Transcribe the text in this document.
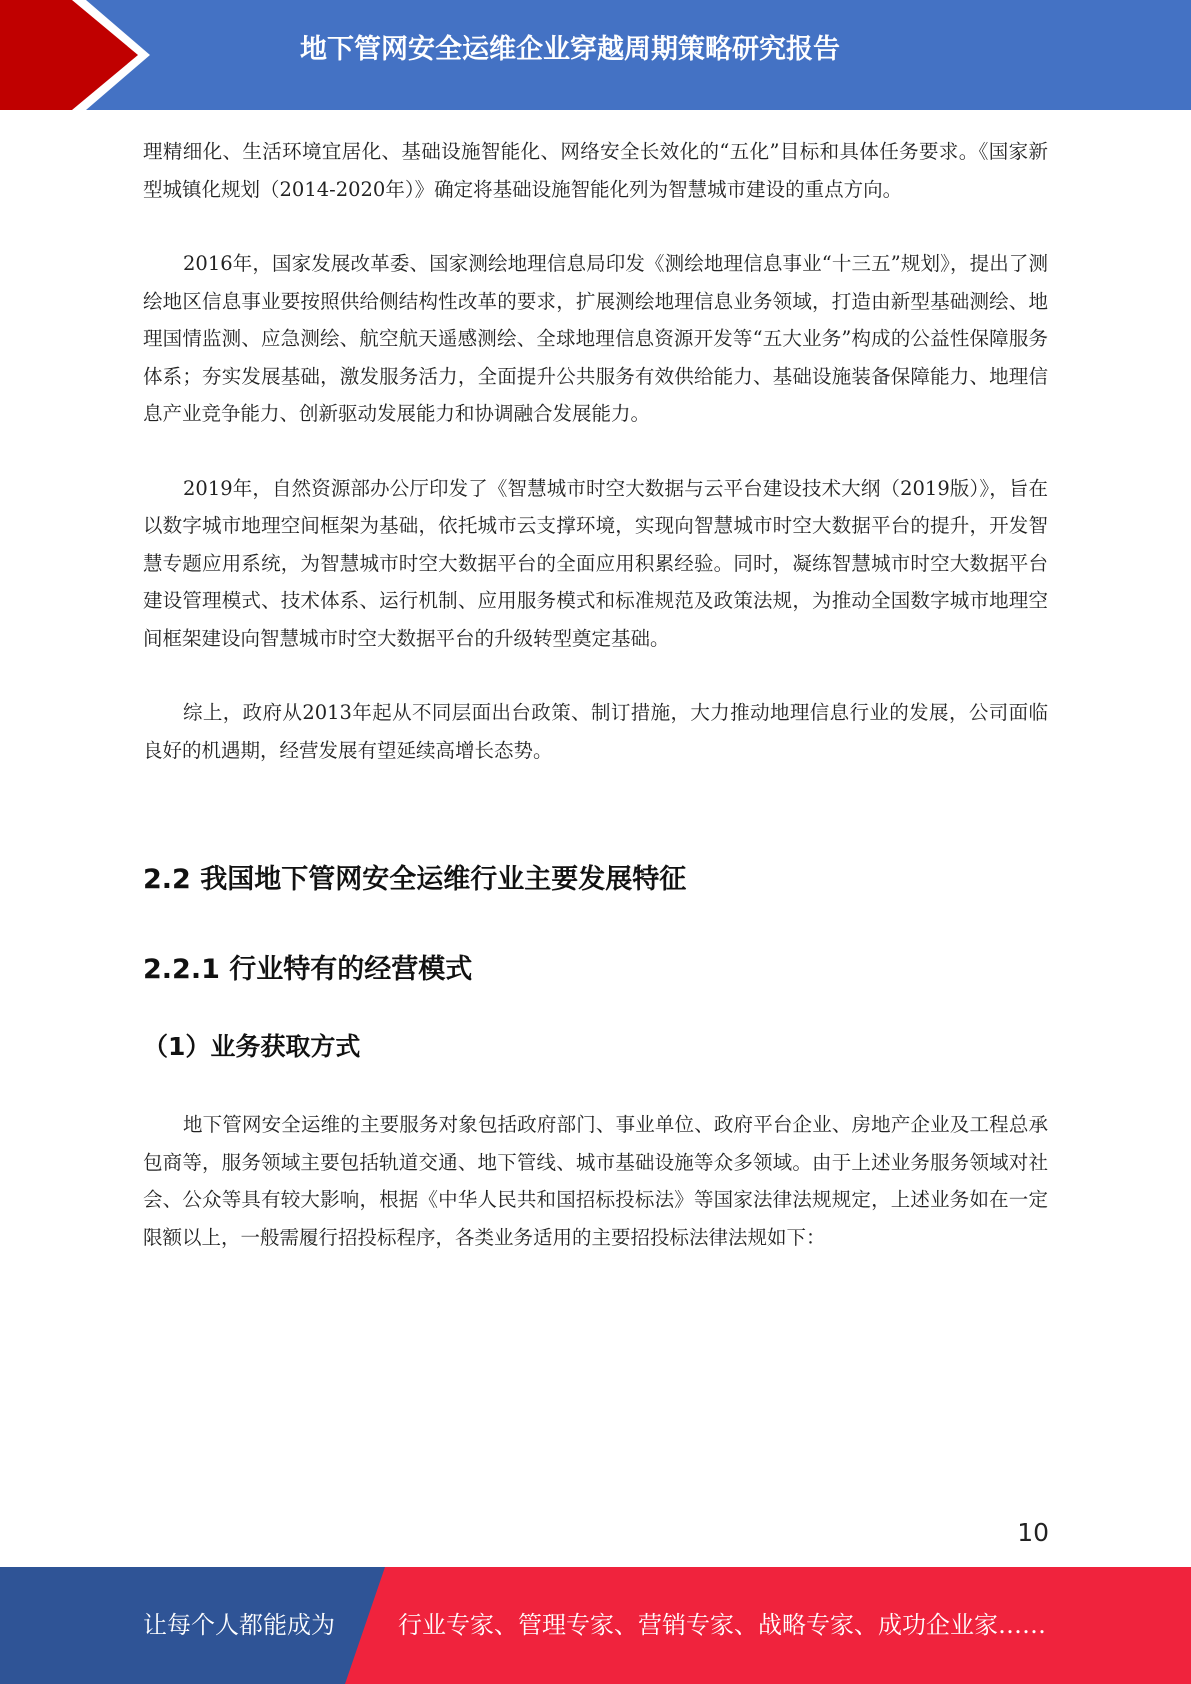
地下管网安全运维企业穿越周期策略研究报告

理精细化、生活环境宜居化、基础设施智能化、网络安全长效化的“五化”目标和具体任务要求。《国家新型城镇化规划（2014-2020年）》确定将基础设施智能化列为智慧城市建设的重点方向。

2016年，国家发展改革委、国家测绘地理信息局印发《测绘地理信息事业“十三五”规划》，提出了测绘地区信息事业要按照供给侧结构性改革的要求，扩展测绘地理信息业务领域，打造由新型基础测绘、地理国情监测、应急测绘、航空航天遥感测绘、全球地理信息资源开发等“五大业务”构成的公益性保障服务体系；夯实发展基础，激发服务活力，全面提升公共服务有效供给能力、基础设施装备保障能力、地理信息产业竞争能力、创新驱动发展能力和协调融合发展能力。

2019年，自然资源部办公厅印发了《智慧城市时空大数据与云平台建设技术大纲（2019版）》，旨在以数字城市地理空间框架为基础，依托城市云支撑环境，实现向智慧城市时空大数据平台的提升，开发智慧专题应用系统，为智慧城市时空大数据平台的全面应用积累经验。同时，凝练智慧城市时空大数据平台建设管理模式、技术体系、运行机制、应用服务模式和标准规范及政策法规，为推动全国数字城市地理空间框架建设向智慧城市时空大数据平台的升级转型奠定基础。

综上，政府从2013年起从不同层面出台政策、制订措施，大力推动地理信息行业的发展，公司面临良好的机遇期，经营发展有望延续高增长态势。

2.2 我国地下管网安全运维行业主要发展特征
2.2.1 行业特有的经营模式
（1）业务获取方式

地下管网安全运维的主要服务对象包括政府部门、事业单位、政府平台企业、房地产企业及工程总承包商等，服务领域主要包括轨道交通、地下管线、城市基础设施等众多领域。由于上述业务服务领域对社会、公众等具有较大影响，根据《中华人民共和国招标投标法》等国家法律法规规定，上述业务如在一定限额以上，一般需履行招投标程序，各类业务适用的主要招投标法律法规如下：

10
让每个人都能成为	行业专家、管理专家、营销专家、战略专家、成功企业家……
